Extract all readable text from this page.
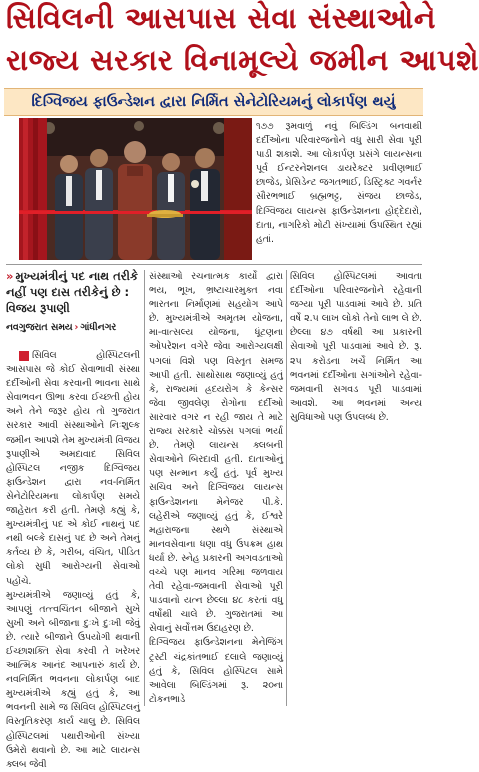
સિવિલની આસપાસ સેવા સંસ્થાઓને
રાજ્ય સરકાર વિનામૂલ્યે જમીન આપશે
દિગ્વિજય ફાઉન્ડેશન દ્વારા નિર્મિત સેનેટોરિયમનું લોકાર્પણ થયું
૧૭૭ રૂમવાળું નવું બિલ્ડિંગ બનવાથી દર્દીઓના પરિવારજનોને વધુ સારી સેવા પૂરી પાડી શકાશે. આ લોકાર્પણ પ્રસંગે લાયન્સના પૂર્વ ઈન્ટરનેશનલ ડાયરેક્ટર પ્રવીણભાઈ છાજેડ, પ્રેસિડેન્ટ જગતભાઈ, ડિસ્ટ્રિક્ટ ગવર્નર સૌરભભાઈ બ્રહ્મભટ્ટ, સંજય છાજેડ, દિગ્વિજય લાયન્સ ફાઉન્ડેશનના હોદ્દેદારો, દાતા, નાગરિકો મોટી સંખ્યામાં ઉપસ્થિત રહ્યાં હતાં.
» મુખ્યમંત્રીનું પદ નાથ તરીકે નહીં પણ દાસ તરીકેનું છે : વિજય રૂપાણી
નવગુજરાત સમય › ગાંધીનગર
સિવિલ હોસ્પિટલની આસપાસ જે કોઈ સેવાભાવી સંસ્થા દર્દીઓની સેવા કરવાની ભાવના સાથે સેવાભવન ઊભા કરવા ઈચ્છતી હોય અને તેને જરૂર હોય તો ગુજરાત સરકાર આવી સંસ્થાઓને નિઃશુલ્ક જમીન આપશે તેમ મુખ્યમંત્રી વિજય રૂપાણીએ અમદાવાદ સિવિલ હોસ્પિટલ નજીક દિગ્વિજય ફાઉન્ડેશન દ્વારા નવ-નિર્મિત સેનેટોરિયમના લોકાર્પણ સમયે જાહેરાત કરી હતી. તેમણે કહ્યું કે, મુખ્યમંત્રીનું પદ એ કોઈ નાથનું પદ નથી બલ્કે દાસનું પદ છે અને તેમનું કર્તવ્ય છે કે, ગરીબ, વંચિત, પીડિત લોકો સુધી આરોગ્યની સેવાઓ પહોંચે.
મુખ્યમંત્રીએ જણાવ્યું હતું કે, આપણું તત્ત્વચિંતન બીજાને સુખે સુખી અને બીજાના દુઃખે દુઃખી જેવું છે. ત્યારે બીજાને ઉપયોગી થવાની ઈચ્છાશક્તિ સેવા કરવી તે ખરેખર આત્મિક આનંદ આપનારું કાર્ય છે. નવનિર્મિત ભવનના લોકાર્પણ બાદ મુખ્યમંત્રીએ કહ્યું હતું કે, આ ભવનની સામે જ સિવિલ હોસ્પિટલનું વિસ્તૃતિકરણ કાર્ય ચાલુ છે. સિવિલ હોસ્પિટલમાં પથારીઓની સંખ્યા ઉમેરો થવાનો છે. આ માટે લાયન્સ ક્લબ જેવી
સંસ્થાઓ રચનાત્મક કાર્યો દ્વારા ભય, ભૂખ, ભ્રષ્ટાચારમુક્ત નવા ભારતના નિર્માણમાં સહયોગ આપે છે. મુખ્યમંત્રીએ અમૃતમ યોજના, મા-વાત્સલ્ય યોજના, ધૂંટણના ઓપરેશન વગેરે જેવા આરોગ્યલક્ષી પગલાં વિશે પણ વિસ્તૃત સમજ આપી હતી. સાથોસાથ જણાવ્યું હતું કે, રાજ્યમાં હ્રદયરોગ કે કેન્સર જેવા જીવલેણ રોગોના દર્દીઓ સારવાર વગર ન રહી જાય તે માટે રાજ્ય સરકારે ચોક્કસ પગલાં ભર્યા છે. તેમણે લાયન્સ ક્લબની સેવાઓને બિરદાવી હતી. દાતાઓનું પણ સન્માન કર્યું હતું. પૂર્વ મુખ્ય સચિવ અને દિગ્વિજય લાયન્સ ફાઉન્ડેશનના મેનેજર પી.કે. લહેરીએ જણાવ્યું હતું કે, ઈશ્વરે મહારાજના સ્થળે સંસ્થાએ માનવસેવાના ધણા વધુ ઉપક્રમ હાથ ધર્યા છે. સ્નેહ પ્રકારની અગવડતાઓ વચ્ચે પણ માનવ ગરિમા જળવાય તેવી રહેવા-જમવાની સેવાઓ પૂરી પાડવાનો યત્ન છેલ્લા ૪૮ કરતાં વધુ વર્ષોથી ચાલે છે. ગુજરાતમાં આ સેવાનું સર્વોત્તમ ઉદાહરણ છે.
દિગ્વિજય ફાઉન્ડેશનના મેનેજિંગ ટ્રસ્ટી ચંદ્રકાંતભાઈ દલાલે જણાવ્યું હતું કે, સિવિલ હોસ્પિટલ સામે આવેલા બિલ્ડિંગમાં રૂ. ૨૦ના ટોકનભાડે
સિવિલ હોસ્પિટલમાં આવતા દર્દીઓના પરિવારજનોને રહેવાની જગ્યા પૂરી પાડવામાં આવે છે. પ્રતિ વર્ષે ૨.૫ લાખ લોકો તેનો લાભ લે છે. છેલ્લા ૪૭ વર્ષથી આ પ્રકારની સેવાઓ પૂરી પાડવામાં આવે છે. રૂ. ૨૫ કરોડના ખર્ચે નિર્મિત આ ભવનમાં દર્દીઓના સગાંઓને રહેવા-જમવાની સગવડ પૂરી પાડવામાં આવશે. આ ભવનમાં અન્ય સુવિધાઓ પણ ઉપલબ્ધ છે.
